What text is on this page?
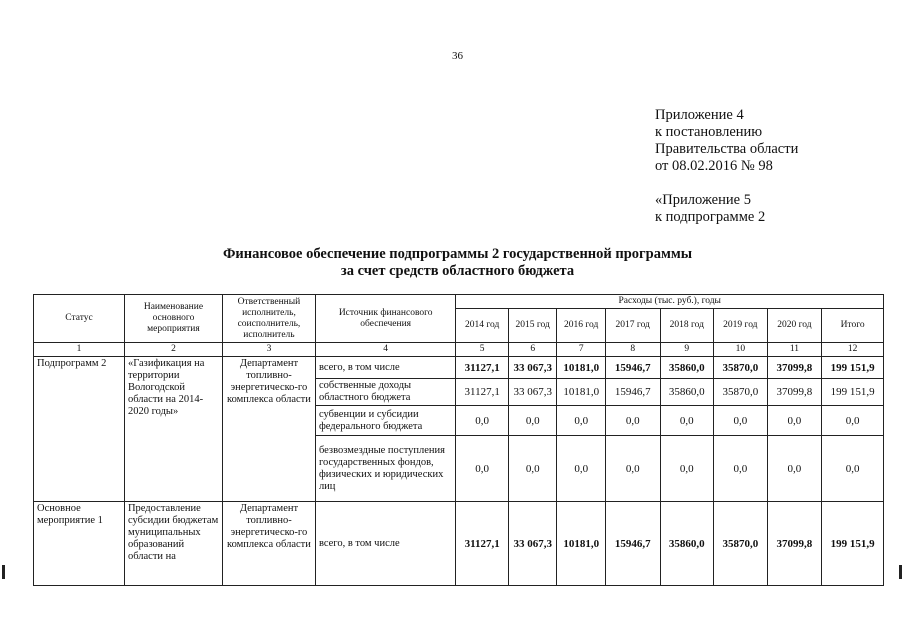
36
Приложение 4
к постановлению
Правительства области
от 08.02.2016 № 98
«Приложение 5
к подпрограмме 2
Финансовое обеспечение подпрограммы 2 государственной программы
за счет средств областного бюджета
Статус	Наименование основного мероприятия	Ответственный исполнитель, соисполнитель, исполнитель	Источник финансового обеспечения	Расходы (тыс. руб.), годы							
				2014 год	2015 год	2016 год	2017 год	2018 год	2019 год	2020 год	Итого
1	2	3	4	5	6	7	8	9	10	11	12
Подпрограмм 2	«Газификация на территории Вологодской области на 2014-2020 годы»	Департамент топливно-энергетическо-го комплекса области	всего, в том числе	31127,1	33 067,3	10181,0	15946,7	35860,0	35870,0	37099,8	199 151,9
			собственные доходы областного бюджета	31127,1	33 067,3	10181,0	15946,7	35860,0	35870,0	37099,8	199 151,9
			субвенции и субсидии федерального бюджета	0,0	0,0	0,0	0,0	0,0	0,0	0,0	0,0
			безвозмездные поступления государственных фондов, физических и юридических лиц	0,0	0,0	0,0	0,0	0,0	0,0	0,0	0,0
Основное мероприятие 1	Предоставление субсидии бюджетам муниципальных образований области на	Департамент топливно-энергетическо-го комплекса области	всего, в том числе	31127,1	33 067,3	10181,0	15946,7	35860,0	35870,0	37099,8	199 151,9
